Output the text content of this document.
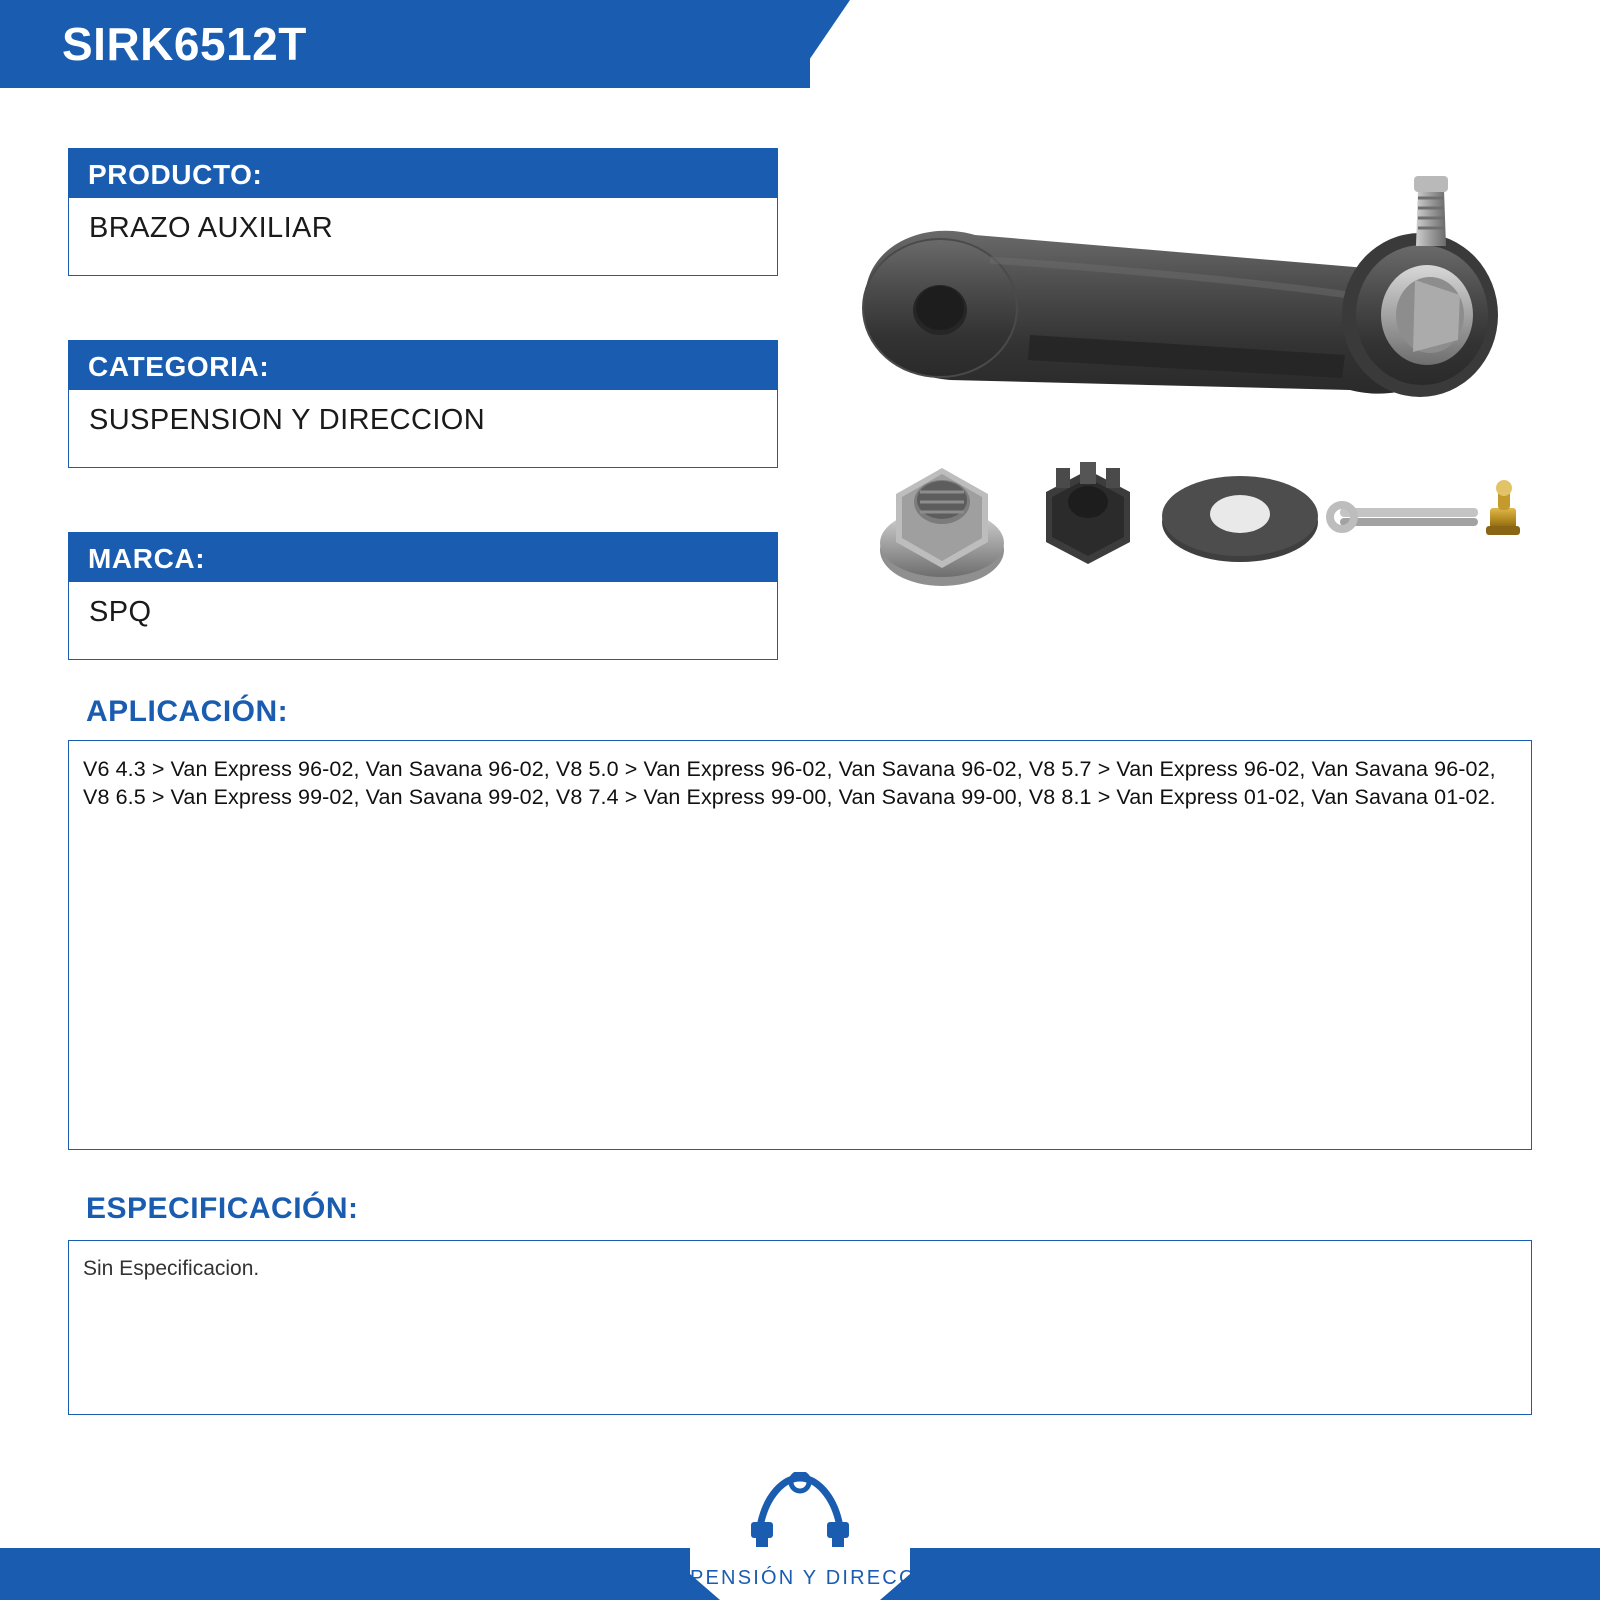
SIRK6512T
PRODUCTO:
BRAZO AUXILIAR
CATEGORIA:
SUSPENSION Y DIRECCION
MARCA:
SPQ
APLICACIÓN:
V6 4.3 > Van Express 96-02, Van Savana 96-02, V8 5.0 > Van Express 96-02, Van Savana 96-02, V8 5.7 > Van Express 96-02, Van Savana 96-02, V8 6.5 > Van Express 99-02, Van Savana 99-02, V8 7.4 > Van Express 99-00, Van Savana 99-00, V8 8.1 > Van Express 01-02, Van Savana 01-02.
ESPECIFICACIÓN:
Sin Especificacion.
SUSPENSIÓN Y DIRECCIÓN
